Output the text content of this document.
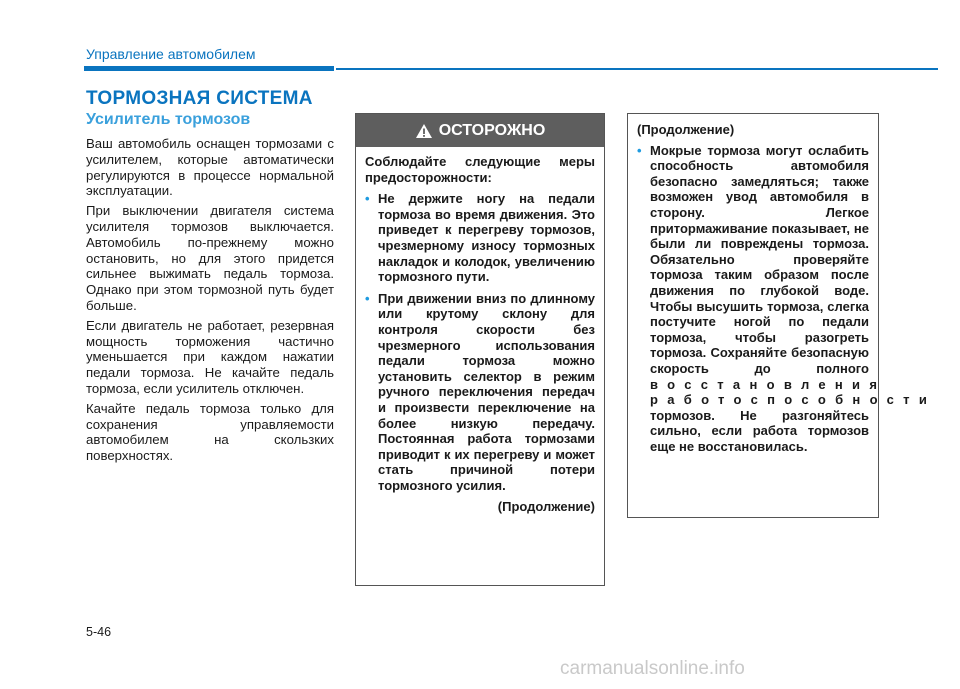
Управление автомобилем
ТОРМОЗНАЯ СИСТЕМА
Усилитель тормозов

Ваш автомобиль оснащен тормозами с усилителем, которые автоматически регулируются в процессе нормальной эксплуатации.

При выключении двигателя система усилителя тормозов выключается. Автомобиль по-прежнему можно остановить, но для этого придется сильнее выжимать педаль тормоза. Однако при этом тормозной путь будет больше.

Если двигатель не работает, резервная мощность торможения частично уменьшается при каждом нажатии педали тормоза. Не качайте педаль тормоза, если усилитель отключен.

Качайте педаль тормоза только для сохранения управляемости автомобилем на скользких поверхностях.

ОСТОРОЖНО

Соблюдайте следующие меры предосторожности:

• Не держите ногу на педали тормоза во время движения. Это приведет к перегреву тормозов, чрезмерному износу тормозных накладок и колодок, увеличению тормозного пути.
• При движении вниз по длинному или крутому склону для контроля скорости без чрезмерного использования педали тормоза можно установить селектор в режим ручного переключения передач и произвести переключение на более низкую передачу. Постоянная работа тормозами приводит к их перегреву и может стать причиной потери тормозного усилия.
(Продолжение)
(Продолжение)
• Мокрые тормоза могут ослабить способность автомобиля безопасно замедляться; также возможен увод автомобиля в сторону. Легкое притормаживание показывает, не были ли повреждены тормоза. Обязательно проверяйте тормоза таким образом после движения по глубокой воде. Чтобы высушить тормоза, слегка постучите ногой по педали тормоза, чтобы разогреть тормоза. Сохраняйте безопасную скорость до полного восстановления работоспособности тормозов. Не разгоняйтесь сильно, если работа тормозов еще не восстановилась.
5-46
carmanualsonline.info
